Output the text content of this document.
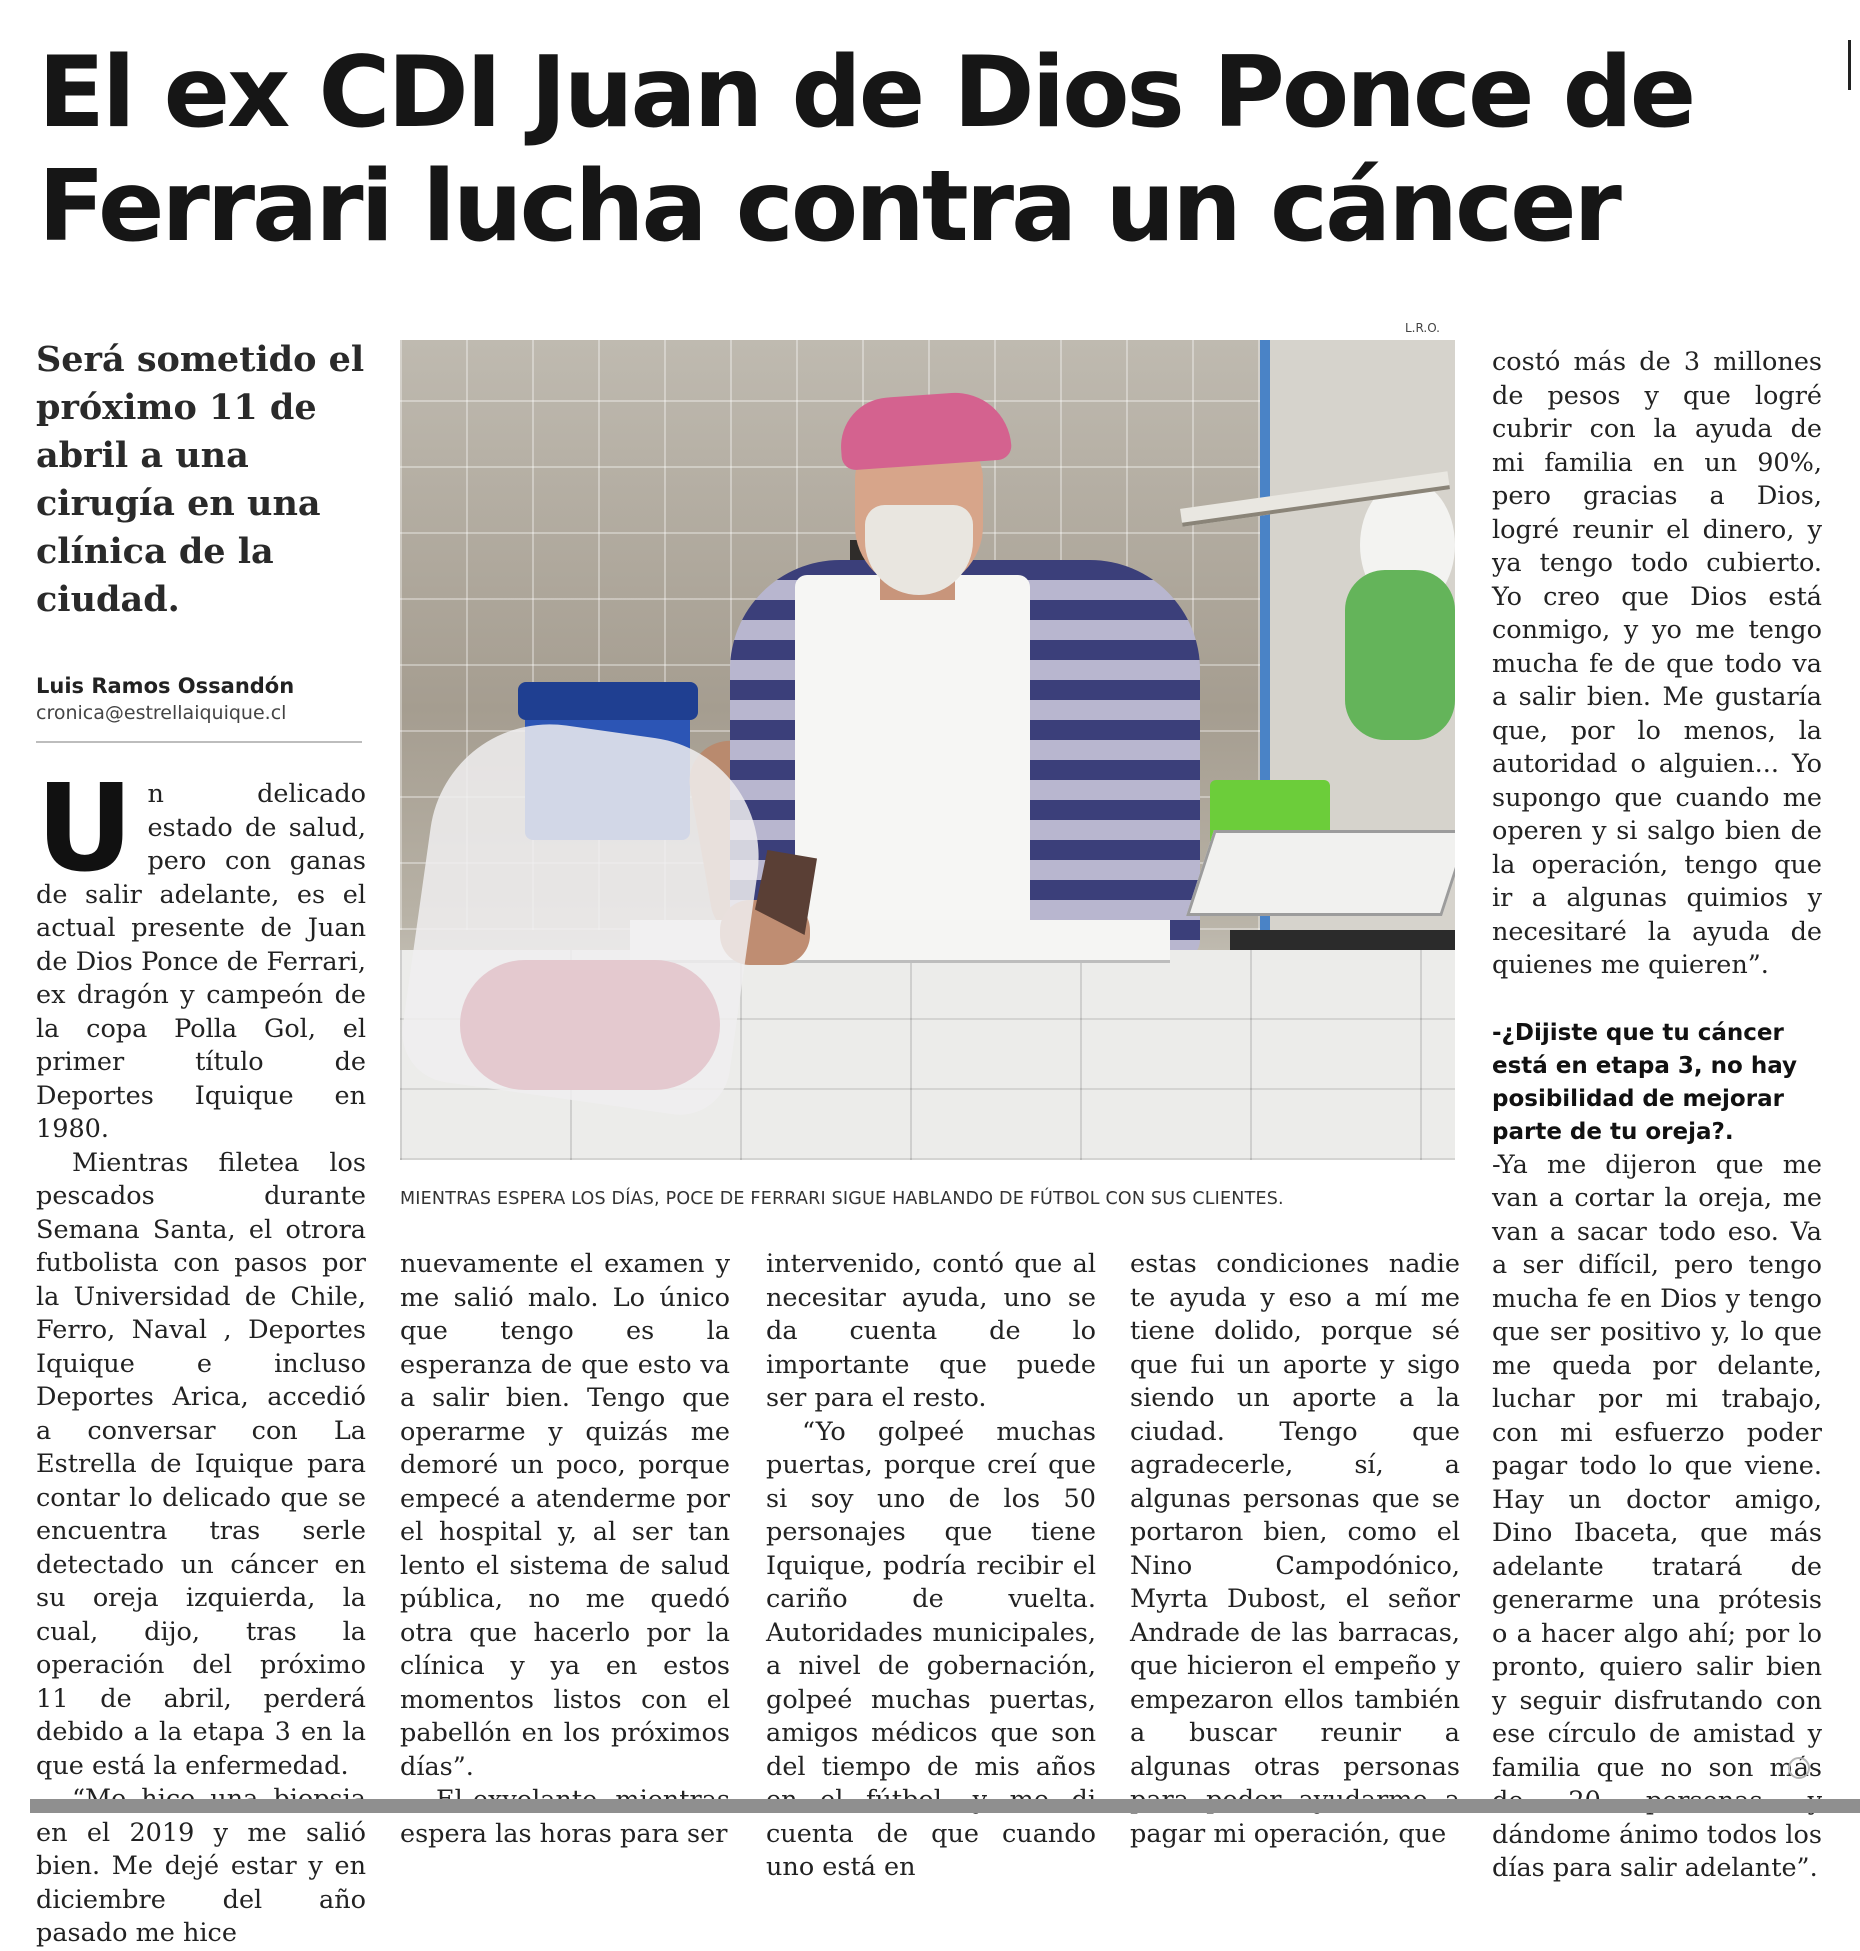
El ex CDI Juan de Dios Ponce de Ferrari lucha contra un cáncer
Será sometido el próximo 11 de abril a una cirugía en una clínica de la ciudad.
Luis Ramos Ossandón
cronica@estrellaiquique.cl
L.R.O.
MIENTRAS ESPERA LOS DÍAS, POCE DE FERRARI SIGUE HABLANDO DE FÚTBOL CON SUS CLIENTES.

Un delicado estado de salud, pero con ganas de salir adelante, es el actual presente de Juan de Dios Ponce de Ferrari, ex dragón y campeón de la copa Polla Gol, el primer título de Deportes Iquique en 1980.

Mientras filetea los pescados durante Semana Santa, el otrora futbolista con pasos por la Universidad de Chile, Ferro, Naval , Deportes Iquique e incluso Deportes Arica, accedió a conversar con La Estrella de Iquique para contar lo delicado que se encuentra tras serle detectado un cáncer en su oreja izquierda, la cual, dijo, tras la operación del próximo 11 de abril, perderá debido a la etapa 3 en la que está la enfermedad.

en el 2019 y me salió bien. Me dejé estar y en diciembre del año pasado me hice

nuevamente el examen y me salió malo. Lo único que tengo es la esperanza de que esto va a salir bien. Tengo que operarme y quizás me demoré un poco, porque empecé a atenderme por el hospital y, al ser tan lento el sistema de salud pública, no me quedó otra que hacerlo por la clínica y ya en estos momentos listos con el pabellón en los próximos días”.

espera las horas para ser

intervenido, contó que al necesitar ayuda, uno se da cuenta de lo importante que puede ser para el resto.

“Yo golpeé muchas puertas, porque creí que si soy uno de los 50 personajes que tiene Iquique, podría recibir el cariño de vuelta. Autoridades municipales, a nivel de gobernación, golpeé muchas puertas, amigos médicos que son del tiempo de mis años cuenta de que cuando uno está en

estas condiciones nadie te ayuda y eso a mí me tiene dolido, porque sé que fui un aporte y sigo siendo un aporte a la ciudad. Tengo que agradecerle, sí, a algunas personas que se portaron bien, como el Nino Campodónico, Myrta Dubost, el señor Andrade de las barracas, que hicieron el empeño y empezaron ellos también a buscar reunir a algunas otras personas pagar mi operación, que

costó más de 3 millones de pesos y que logré cubrir con la ayuda de mi familia en un 90%, pero gracias a Dios, logré reunir el dinero, y ya tengo todo cubierto. Yo creo que Dios está conmigo, y yo me tengo mucha fe de que todo va a salir bien. Me gustaría que, por lo menos, la autoridad o alguien... Yo supongo que cuando me operen y si salgo bien de la operación, tengo que ir a algunas quimios y necesitaré la ayuda de quienes me quieren”.

-¿Dijiste que tu cáncer está en etapa 3, no hay posibilidad de mejorar parte de tu oreja?.

-Ya me dijeron que me van a cortar la oreja, me van a sacar todo eso. Va a ser difícil, pero tengo mucha fe en Dios y tengo que ser positivo y, lo que me queda por delante, luchar por mi trabajo, con mi esfuerzo poder pagar todo lo que viene. Hay un doctor amigo, Dino Ibaceta, que más adelante tratará de generarme una prótesis o a hacer algo ahí; por lo pronto, quiero salir bien y seguir disfrutando con ese círculo de amistad y familia que no son más dándome ánimo todos los días para salir adelante”.
